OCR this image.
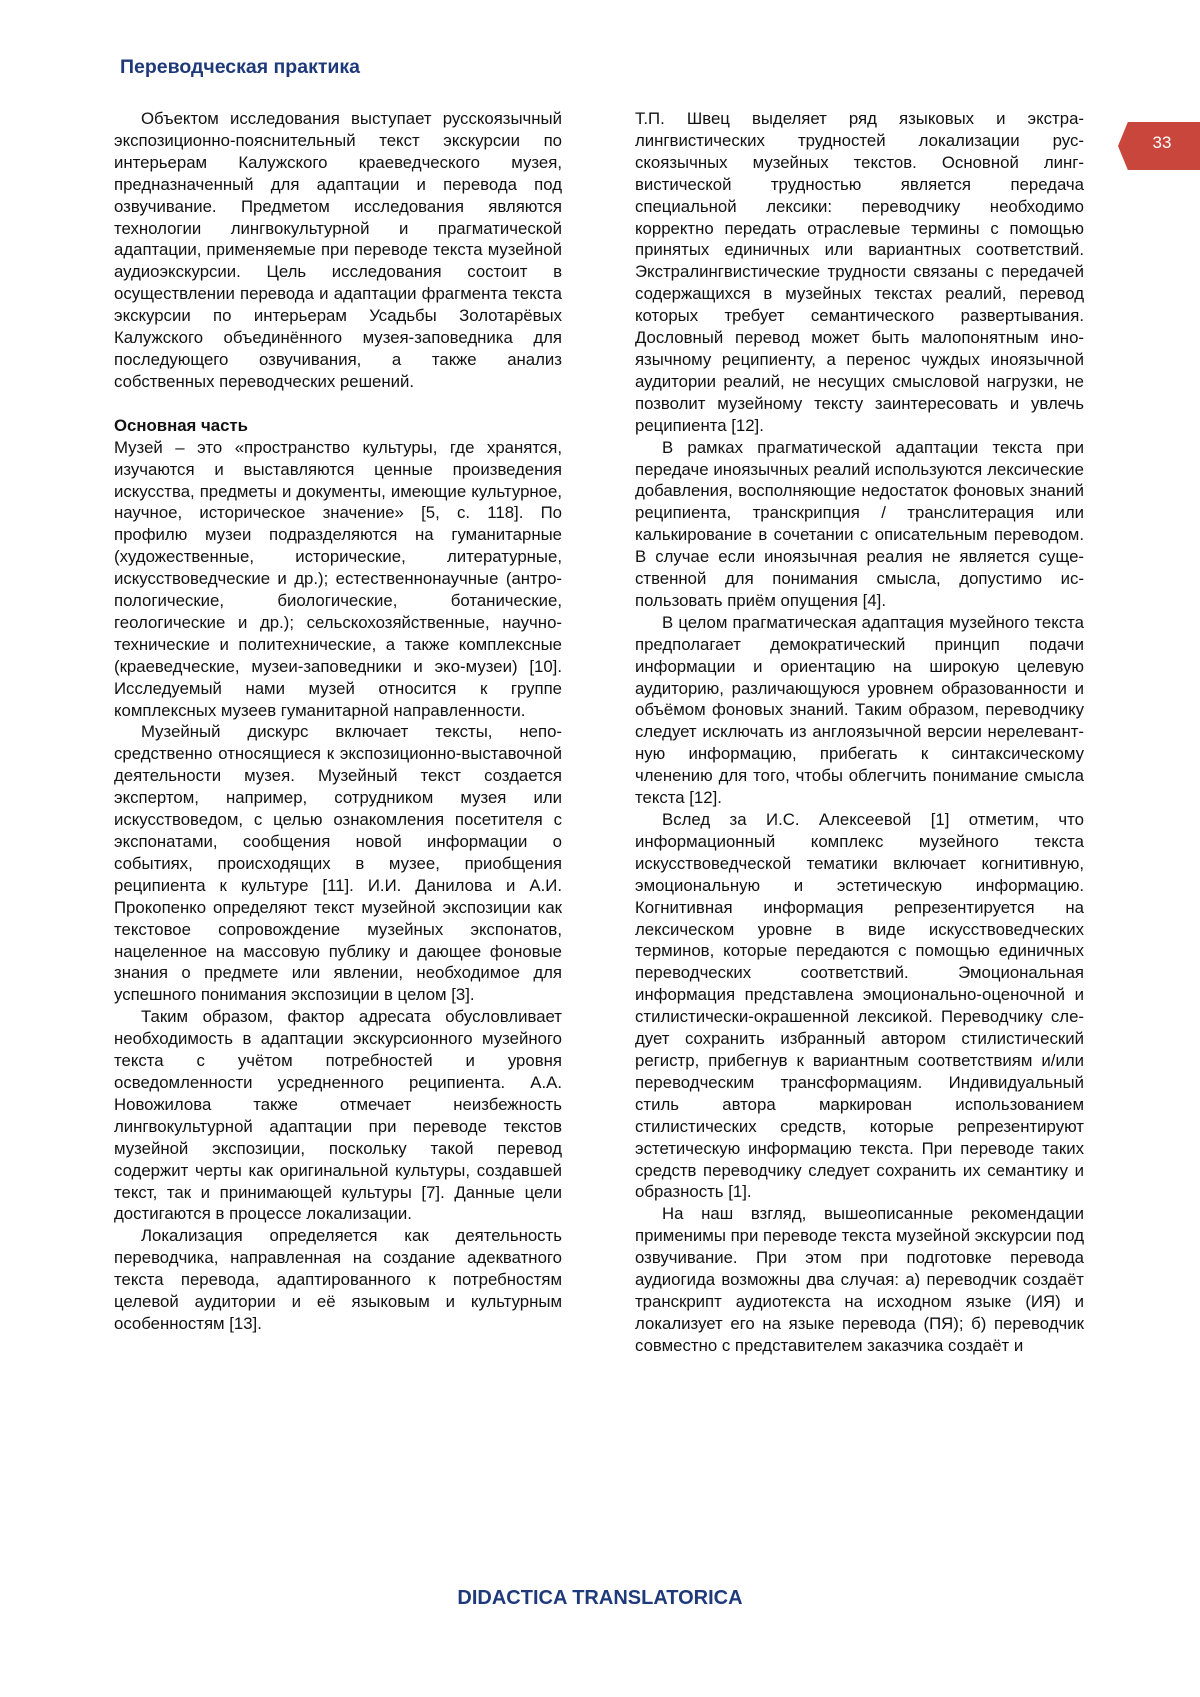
Переводческая практика
33

Объектом исследования выступает русскоязычный экспозиционно-пояснительный текст экскурсии по интерьерам Калужского краеведческого музея, предназначенный для адаптации и перевода под озвучивание. Предметом исследования являются технологии лингвокультурной и прагматической адаптации, применяемые при переводе текста музейной аудиоэкскурсии. Цель исследования состоит в осуществлении перевода и адаптации фрагмента текста экскурсии по интерьерам Усадьбы Золотарёвых Калужского объединённого музея-заповедника для последующего озвучивания, а также анализ собственных переводческих решений.

Основная часть

Музей – это «пространство культуры, где хранятся, изучаются и выставляются ценные произведения искусства, предметы и документы, имеющие культурное, научное, историческое значение» [5, с. 118]. По профилю музеи подразделяются на гуманитарные (художественные, исторические, литературные, искусствоведческие и др.); естественнонаучные (антропологические, биологические, ботанические, геологические и др.); сельскохозяйственные, научно-технические и политехнические, а также комплексные (краеведческие, музеи-заповедники и эко-музеи) [10]. Исследуемый нами музей относится к группе комплексных музеев гуманитарной направленности.

Музейный дискурс включает тексты, непосредственно относящиеся к экспозиционно-выставочной деятельности музея. Музейный текст создается экспертом, например, сотрудником музея или искусствоведом, с целью ознакомления посетителя с экспонатами, сообщения новой информации о событиях, происходящих в музее, приобщения реципиента к культуре [11]. И.И. Данилова и А.И. Прокопенко определяют текст музейной экспозиции как текстовое сопровождение музейных экспонатов, нацеленное на массовую публику и дающее фоновые знания о предмете или явлении, необходимое для успешного понимания экспозиции в целом [3].

Таким образом, фактор адресата обусловливает необходимость в адаптации экскурсионного музейного текста с учётом потребностей и уровня осведомленности усредненного реципиента. А.А. Новожилова также отмечает неизбежность лингвокультурной адаптации при переводе текстов музейной экспозиции, поскольку такой перевод содержит черты как оригинальной культуры, создавшей текст, так и принимающей культуры [7]. Данные цели достигаются в процессе локализации.

Локализация определяется как деятельность переводчика, направленная на создание адекватного текста перевода, адаптированного к потребностям целевой аудитории и её языковым и культурным особенностям [13].

Т.П. Швец выделяет ряд языковых и экстралингвистических трудностей локализации русскоязычных музейных текстов. Основной лингвистической трудностью является передача специальной лексики: переводчику необходимо корректно передать отраслевые термины с помощью принятых единичных или вариантных соответствий. Экстралингвистические трудности связаны с передачей содержащихся в музейных текстах реалий, перевод которых требует семантического развертывания. Дословный перевод может быть малопонятным иноязычному реципиенту, а перенос чуждых иноязычной аудитории реалий, не несущих смысловой нагрузки, не позволит музейному тексту заинтересовать и увлечь реципиента [12].

В рамках прагматической адаптации текста при передаче иноязычных реалий используются лексические добавления, восполняющие недостаток фоновых знаний реципиента, транскрипция / транслитерация или калькирование в сочетании с описательным переводом. В случае если иноязычная реалия не является существенной для понимания смысла, допустимо использовать приём опущения [4].

В целом прагматическая адаптация музейного текста предполагает демократический принцип подачи информации и ориентацию на широкую целевую аудиторию, различающуюся уровнем образованности и объёмом фоновых знаний. Таким образом, переводчику следует исключать из англоязычной версии нерелевантную информацию, прибегать к синтаксическому членению для того, чтобы облегчить понимание смысла текста [12].

Вслед за И.С. Алексеевой [1] отметим, что информационный комплекс музейного текста искусствоведческой тематики включает когнитивную, эмоциональную и эстетическую информацию. Когнитивная информация репрезентируется на лексическом уровне в виде искусствоведческих терминов, которые передаются с помощью единичных переводческих соответствий. Эмоциональная информация представлена эмоционально-оценочной и стилистически-окрашенной лексикой. Переводчику следует сохранить избранный автором стилистический регистр, прибегнув к вариантным соответствиям и/или переводческим трансформациям. Индивидуальный стиль автора маркирован использованием стилистических средств, которые репрезентируют эстетическую информацию текста. При переводе таких средств переводчику следует сохранить их семантику и образность [1].

На наш взгляд, вышеописанные рекомендации применимы при переводе текста музейной экскурсии под озвучивание. При этом при подготовке перевода аудиогида возможны два случая: а) переводчик создаёт транскрипт аудиотекста на исходном языке (ИЯ) и локализует его на языке перевода (ПЯ); б) переводчик совместно с представителем заказчика создаёт и

DIDACTICA TRANSLATORICA
